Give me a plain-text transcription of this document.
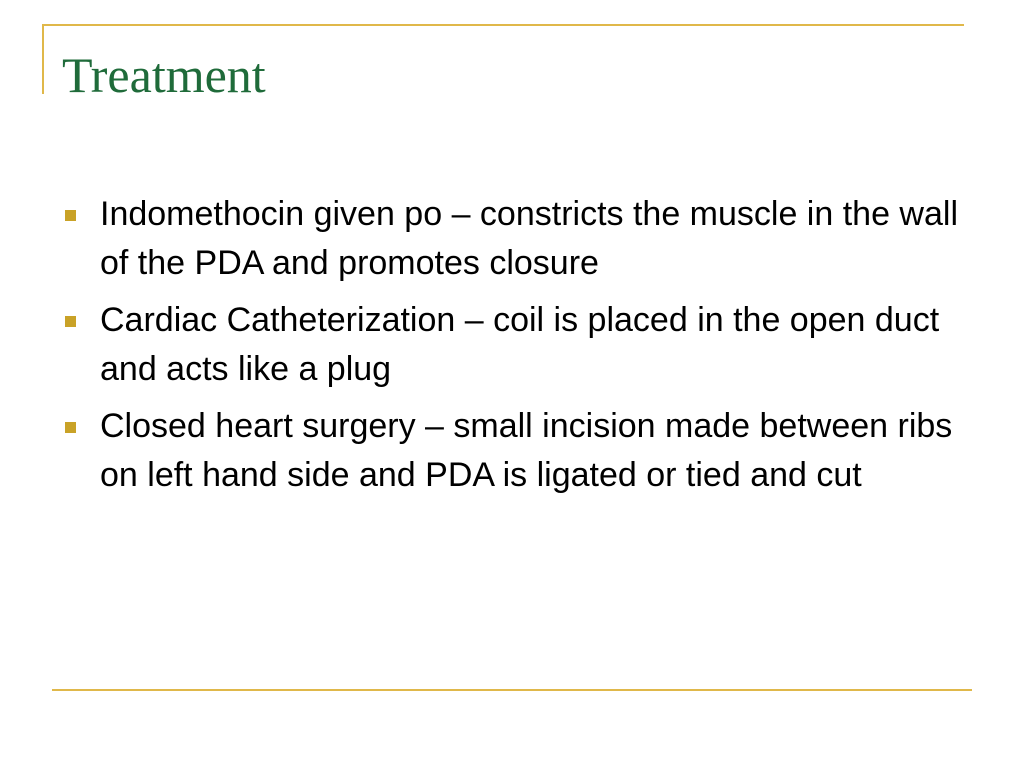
Treatment
Indomethocin given po – constricts the muscle in the wall of the PDA and promotes closure
Cardiac Catheterization – coil is placed in the open duct and acts like a plug
Closed heart surgery – small incision made between ribs on left hand side and PDA is ligated or tied and cut
